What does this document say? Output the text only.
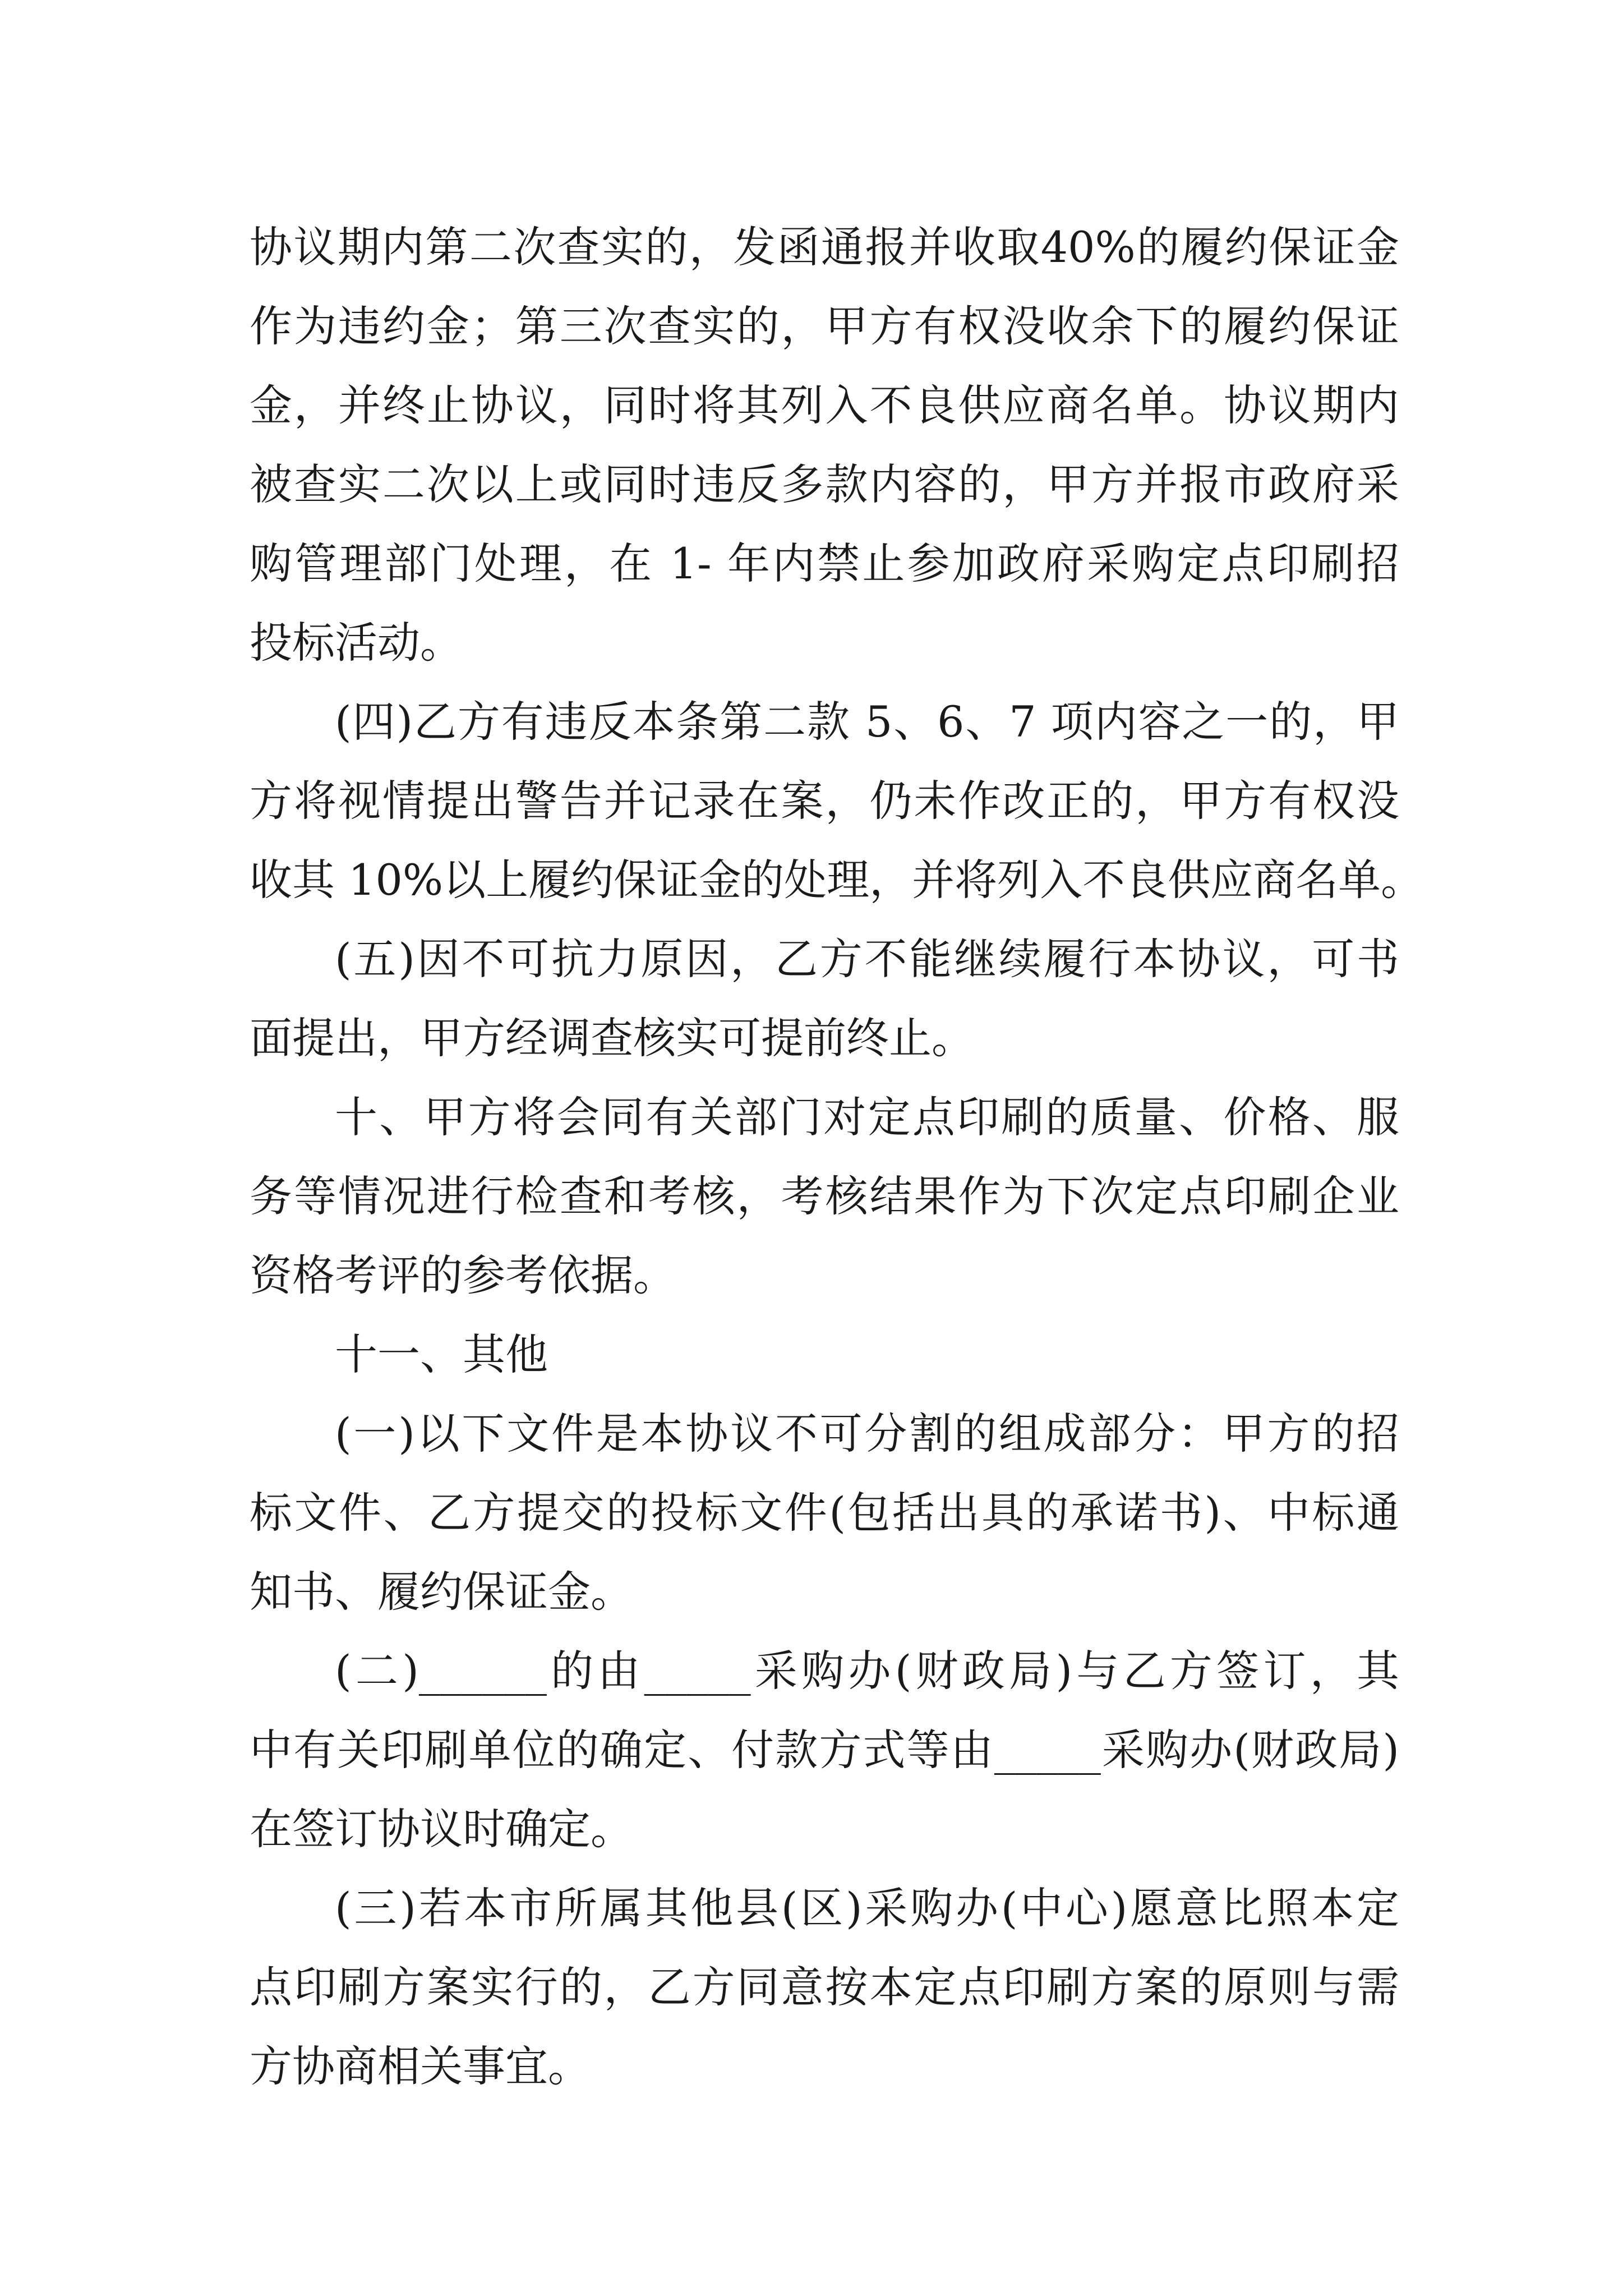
协议期内第二次查实的，发函通报并收取40%的履约保证金
作为违约金；第三次查实的，甲方有权没收余下的履约保证
金，并终止协议，同时将其列入不良供应商名单。协议期内
被查实二次以上或同时违反多款内容的，甲方并报市政府采
购管理部门处理，在 1- 年内禁止参加政府采购定点印刷招
投标活动。
(四)乙方有违反本条第二款 5、6、7 项内容之一的，甲
方将视情提出警告并记录在案，仍未作改正的，甲方有权没
收其 10%以上履约保证金的处理，并将列入不良供应商名单。
(五)因不可抗力原因，乙方不能继续履行本协议，可书
面提出，甲方经调查核实可提前终止。
十、甲方将会同有关部门对定点印刷的质量、价格、服
务等情况进行检查和考核，考核结果作为下次定点印刷企业
资格考评的参考依据。
十一、其他
(一)以下文件是本协议不可分割的组成部分：甲方的招
标文件、乙方提交的投标文件(包括出具的承诺书)、中标通
知书、履约保证金。
(二)______的由_____采购办(财政局)与乙方签订，其
中有关印刷单位的确定、付款方式等由_____采购办(财政局)
在签订协议时确定。
(三)若本市所属其他县(区)采购办(中心)愿意比照本定
点印刷方案实行的，乙方同意按本定点印刷方案的原则与需
方协商相关事宜。
